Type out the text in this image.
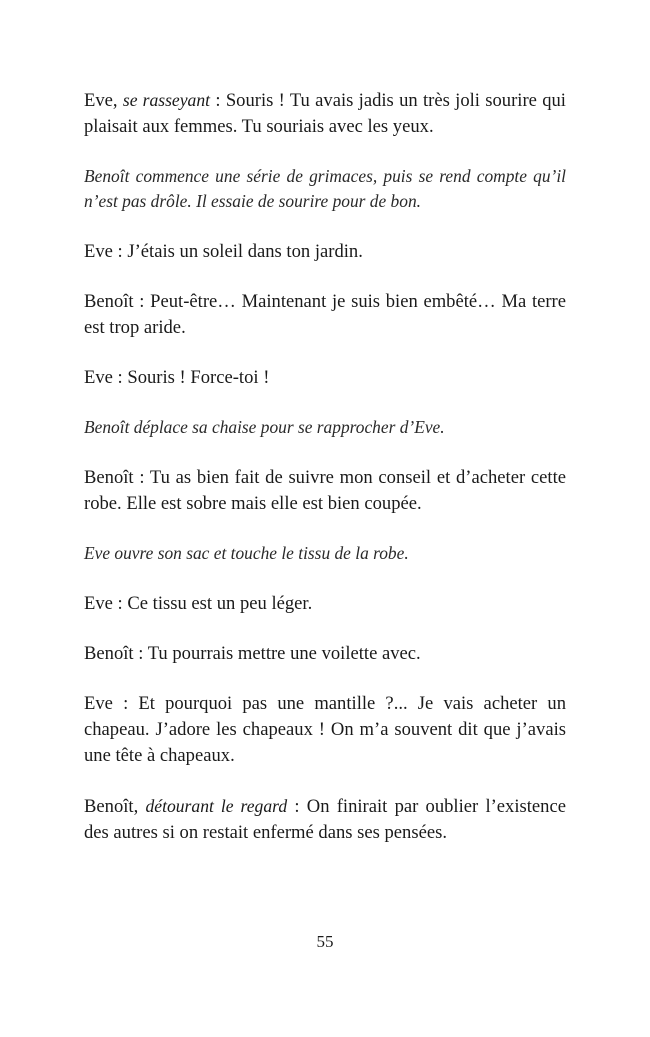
Eve, se rasseyant : Souris ! Tu avais jadis un très joli sourire qui plaisait aux femmes. Tu souriais avec les yeux.

Benoît commence une série de grimaces, puis se rend compte qu’il n’est pas drôle. Il essaie de sourire pour de bon.

Eve : J’étais un soleil dans ton jardin.

Benoît : Peut-être… Maintenant je suis bien embêté… Ma terre est trop aride.

Eve : Souris ! Force-toi !

Benoît déplace sa chaise pour se rapprocher d’Eve.

Benoît : Tu as bien fait de suivre mon conseil et d’acheter cette robe. Elle est sobre mais elle est bien coupée.

Eve ouvre son sac et touche le tissu de la robe.

Eve : Ce tissu est un peu léger.

Benoît : Tu pourrais mettre une voilette avec.

Eve : Et pourquoi pas une mantille ?... Je vais acheter un chapeau. J’adore les chapeaux ! On m’a souvent dit que j’avais une tête à chapeaux.

Benoît, détourant le regard : On finirait par oublier l’existence des autres si on restait enfermé dans ses pensées.

55
